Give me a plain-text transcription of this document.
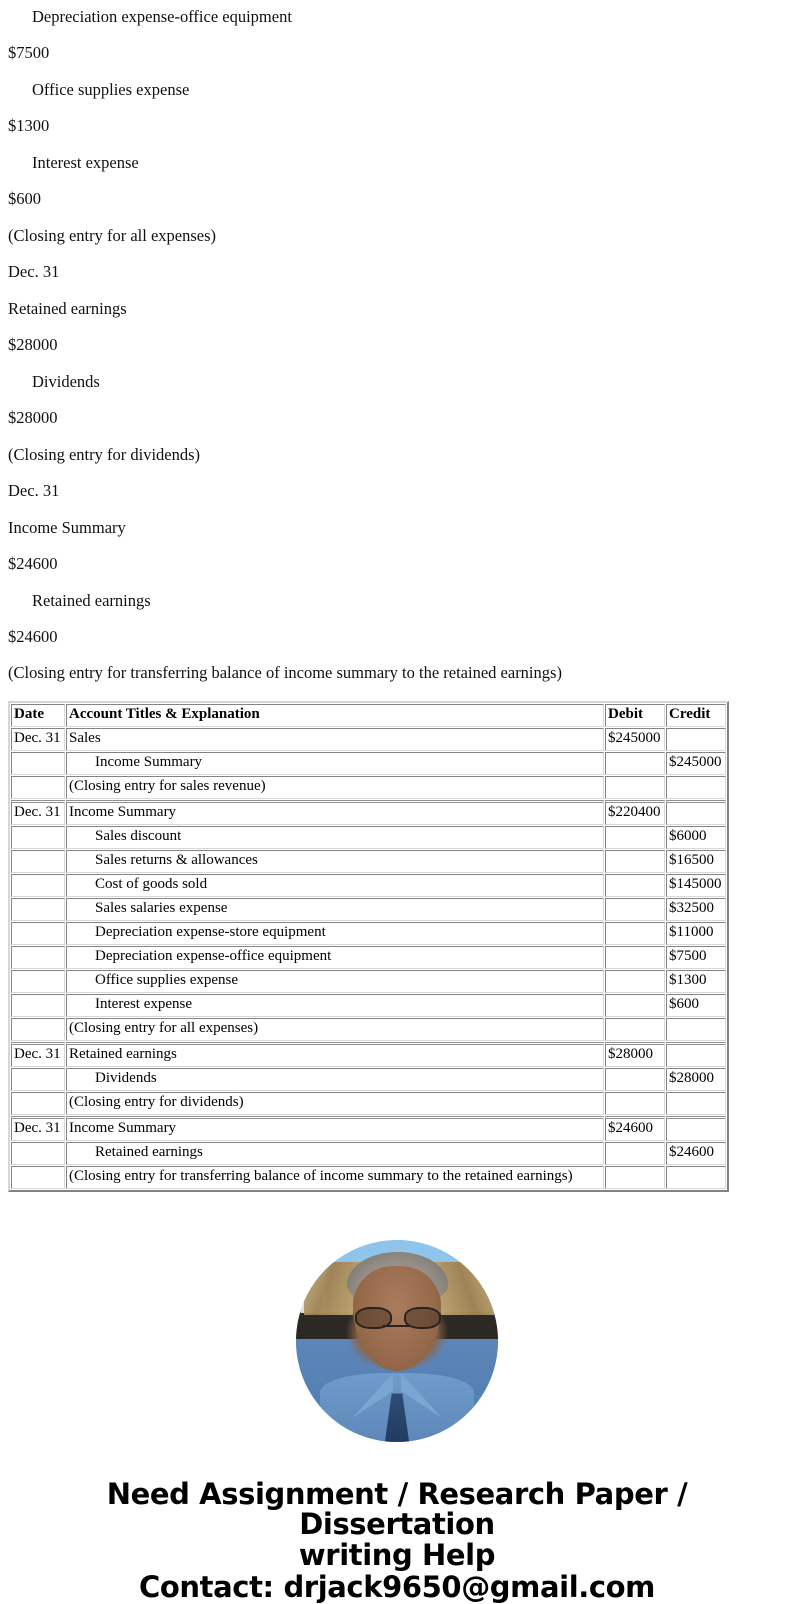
Depreciation expense-office equipment

$7500

Office supplies expense

$1300

Interest expense

$600

(Closing entry for all expenses)

Dec. 31

Retained earnings

$28000

Dividends

$28000

(Closing entry for dividends)

Dec. 31

Income Summary

$24600

Retained earnings

$24600

(Closing entry for transferring balance of income summary to the retained earnings)

Date	Account Titles & Explanation	Debit	Credit
Dec. 31	Sales	$245000	
	Income Summary		$245000
	(Closing entry for sales revenue)		
Dec. 31	Income Summary	$220400	
	Sales discount		$6000
	Sales returns & allowances		$16500
	Cost of goods sold		$145000
	Sales salaries expense		$32500
	Depreciation expense-store equipment		$11000
	Depreciation expense-office equipment		$7500
	Office supplies expense		$1300
	Interest expense		$600
	(Closing entry for all expenses)		
Dec. 31	Retained earnings	$28000	
	Dividends		$28000
	(Closing entry for dividends)		
Dec. 31	Income Summary	$24600	
	Retained earnings		$24600
	(Closing entry for transferring balance of income summary to the retained earnings)		

Need Assignment / Research Paper / Dissertation

writing Help

Contact: drjack9650@gmail.com
